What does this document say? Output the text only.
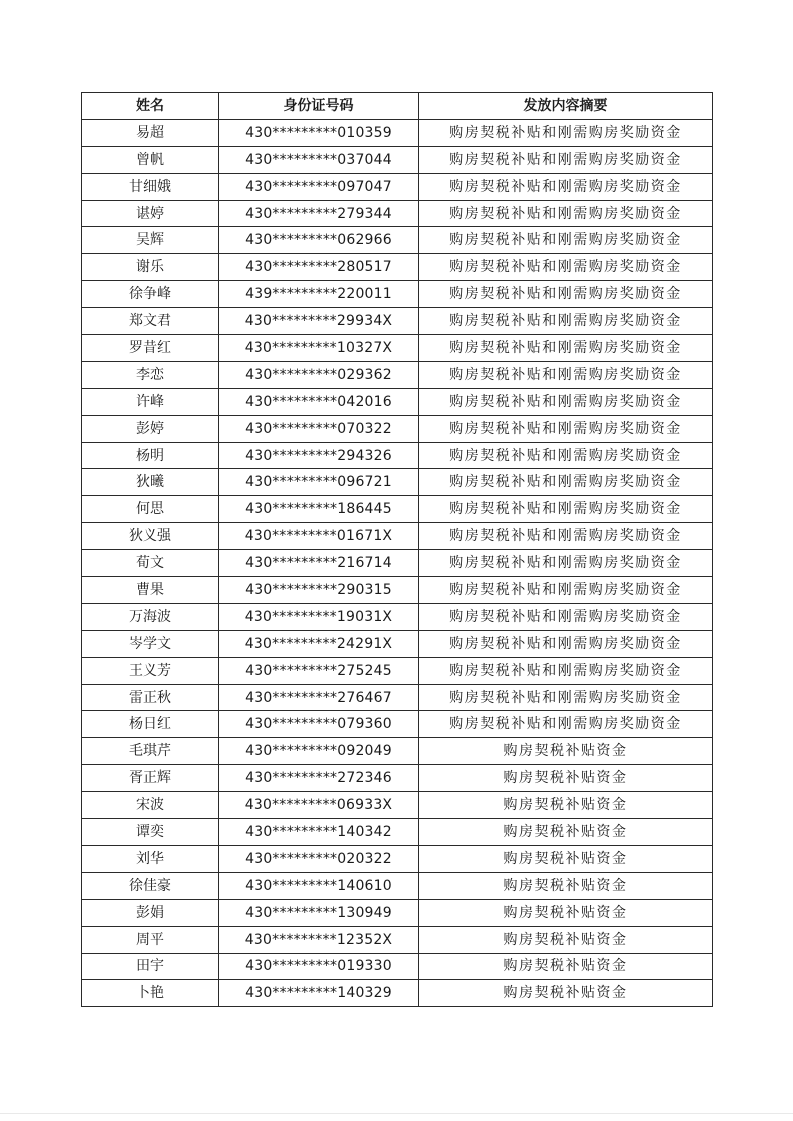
姓名	身份证号码	发放内容摘要
易超	430*********010359	购房契税补贴和刚需购房奖励资金
曾帆	430*********037044	购房契税补贴和刚需购房奖励资金
甘细娥	430*********097047	购房契税补贴和刚需购房奖励资金
谌婷	430*********279344	购房契税补贴和刚需购房奖励资金
吴辉	430*********062966	购房契税补贴和刚需购房奖励资金
谢乐	430*********280517	购房契税补贴和刚需购房奖励资金
徐争峰	439*********220011	购房契税补贴和刚需购房奖励资金
郑文君	430*********29934X	购房契税补贴和刚需购房奖励资金
罗昔红	430*********10327X	购房契税补贴和刚需购房奖励资金
李恋	430*********029362	购房契税补贴和刚需购房奖励资金
许峰	430*********042016	购房契税补贴和刚需购房奖励资金
彭婷	430*********070322	购房契税补贴和刚需购房奖励资金
杨明	430*********294326	购房契税补贴和刚需购房奖励资金
狄曦	430*********096721	购房契税补贴和刚需购房奖励资金
何思	430*********186445	购房契税补贴和刚需购房奖励资金
狄义强	430*********01671X	购房契税补贴和刚需购房奖励资金
荀文	430*********216714	购房契税补贴和刚需购房奖励资金
曹果	430*********290315	购房契税补贴和刚需购房奖励资金
万海波	430*********19031X	购房契税补贴和刚需购房奖励资金
岑学文	430*********24291X	购房契税补贴和刚需购房奖励资金
王义芳	430*********275245	购房契税补贴和刚需购房奖励资金
雷正秋	430*********276467	购房契税补贴和刚需购房奖励资金
杨日红	430*********079360	购房契税补贴和刚需购房奖励资金
毛琪芹	430*********092049	购房契税补贴资金
胥正辉	430*********272346	购房契税补贴资金
宋波	430*********06933X	购房契税补贴资金
谭奕	430*********140342	购房契税补贴资金
刘华	430*********020322	购房契税补贴资金
徐佳豪	430*********140610	购房契税补贴资金
彭娟	430*********130949	购房契税补贴资金
周平	430*********12352X	购房契税补贴资金
田宇	430*********019330	购房契税补贴资金
卜艳	430*********140329	购房契税补贴资金
